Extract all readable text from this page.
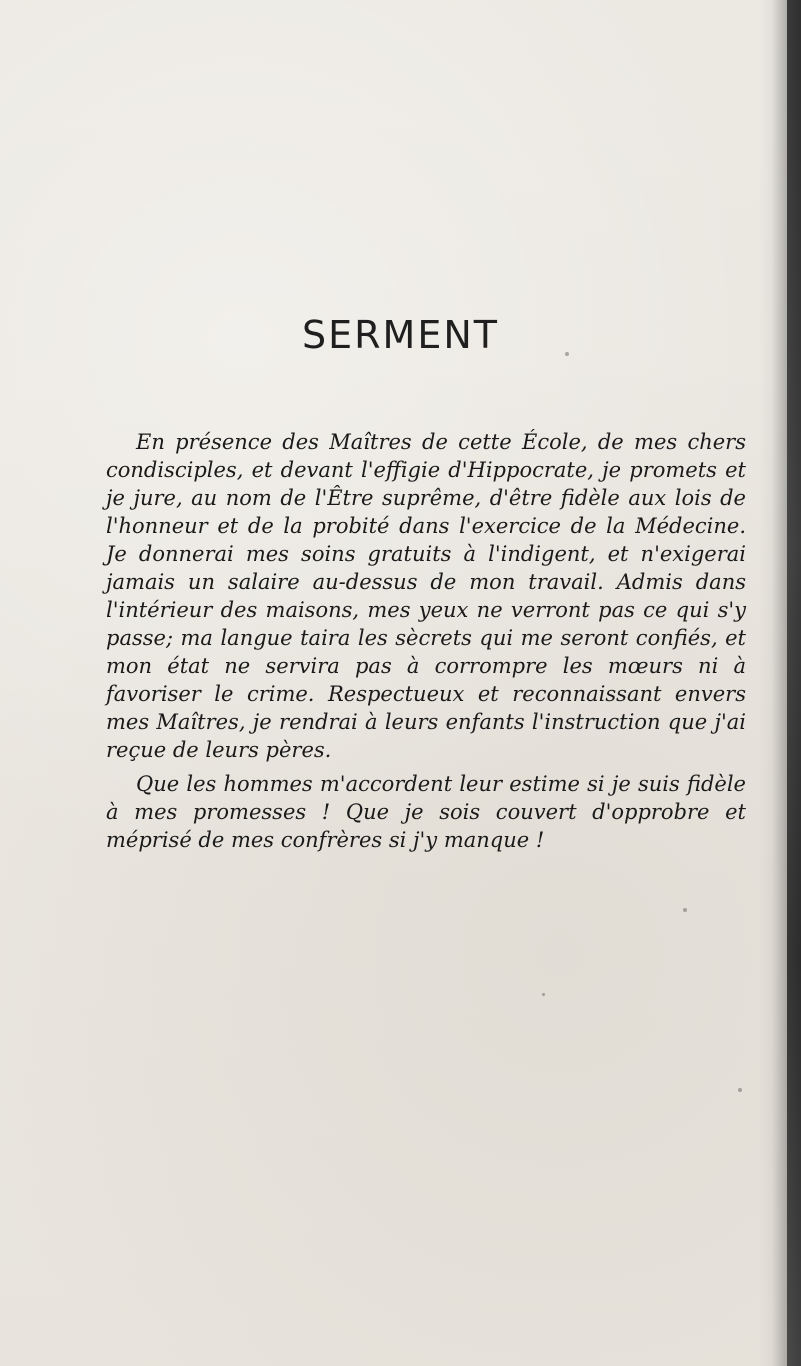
SERMENT

En présence des Maîtres de cette École, de mes chers condisciples, et devant l'effigie d'Hippocrate, je promets et je jure, au nom de l'Être suprême, d'être fidèle aux lois de l'honneur et de la probité dans l'exercice de la Médecine. Je donnerai mes soins gratuits à l'indigent, et n'exigerai jamais un salaire au-dessus de mon travail. Admis dans l'intérieur des maisons, mes yeux ne verront pas ce qui s'y passe; ma langue taira les sècrets qui me seront confiés, et mon état ne servira pas à corrompre les mœurs ni à favoriser le crime. Respectueux et reconnaissant envers mes Maîtres, je rendrai à leurs enfants l'instruction que j'ai reçue de leurs pères.

Que les hommes m'accordent leur estime si je suis fidèle à mes promesses ! Que je sois couvert d'opprobre et méprisé de mes confrères si j'y manque !
